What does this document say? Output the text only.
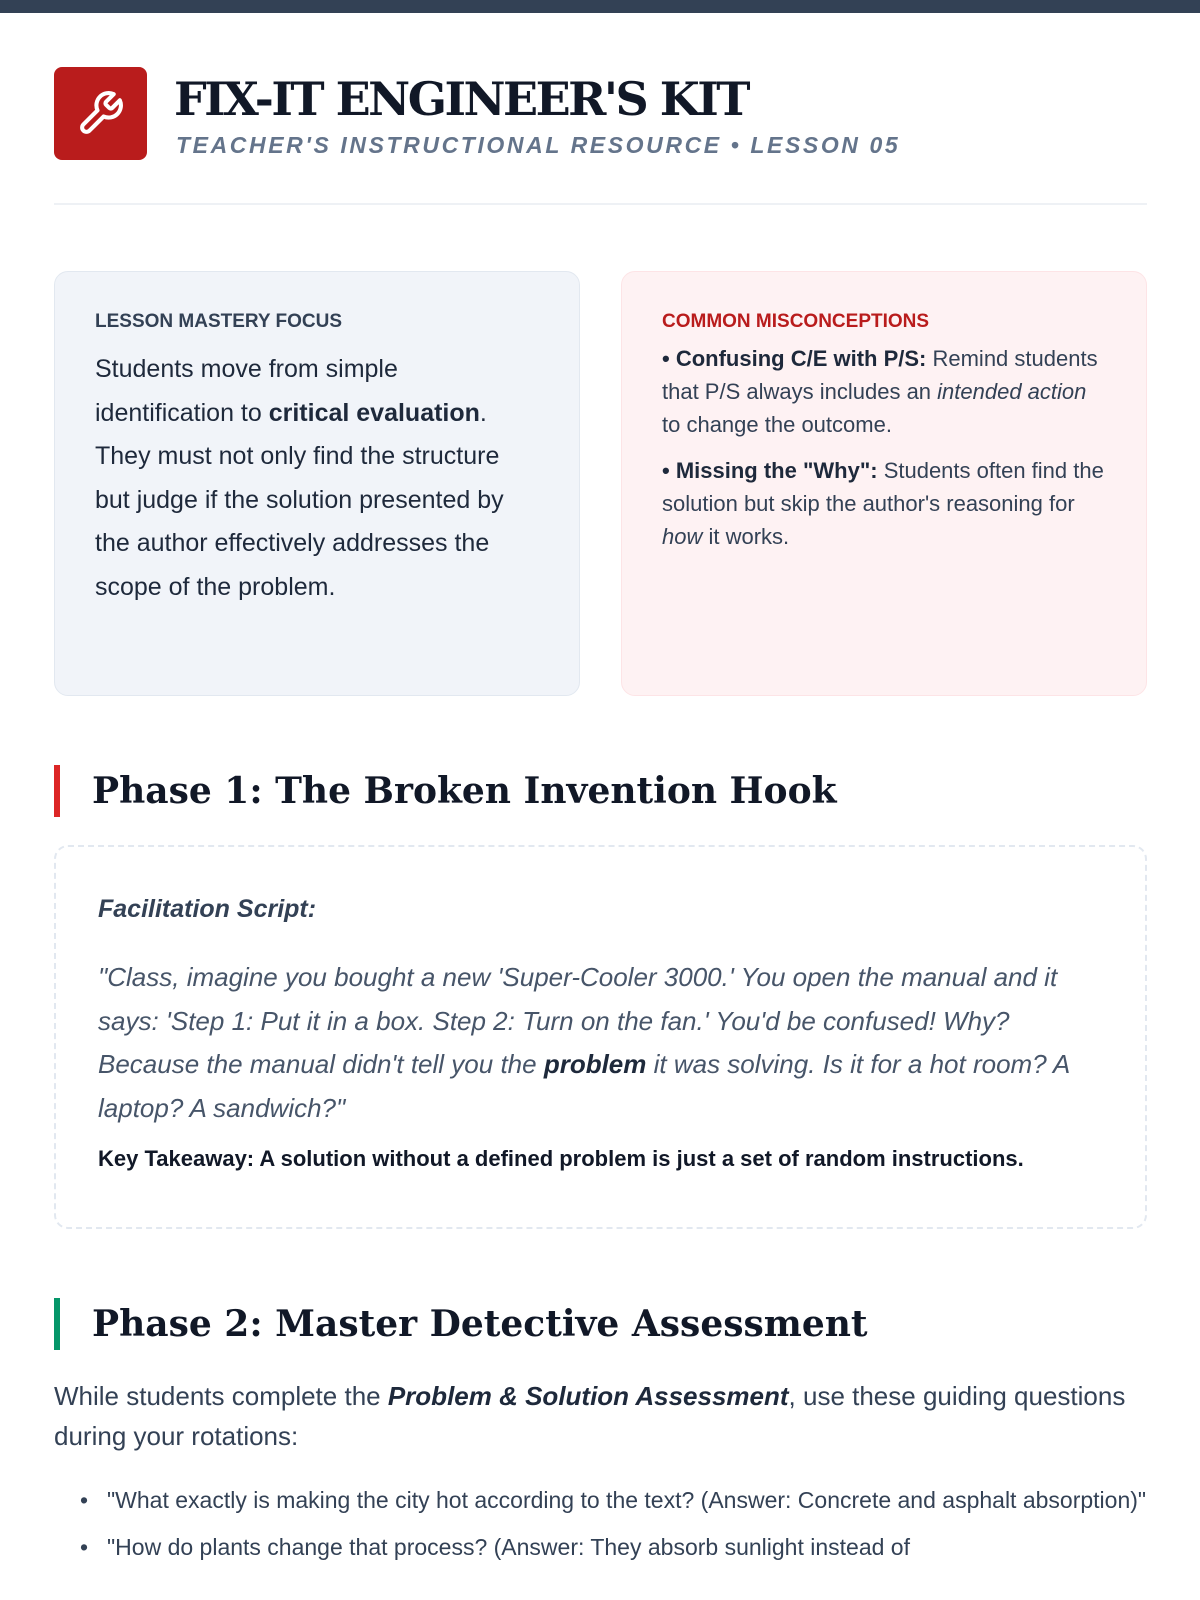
FIX-IT ENGINEER'S KIT
TEACHER'S INSTRUCTIONAL RESOURCE • LESSON 05
LESSON MASTERY FOCUS

Students move from simple identification to critical evaluation. They must not only find the structure but judge if the solution presented by the author effectively addresses the scope of the problem.

COMMON MISCONCEPTIONS

• Confusing C/E with P/S: Remind students that P/S always includes an intended action to change the outcome.

• Missing the "Why": Students often find the solution but skip the author's reasoning for how it works.

Phase 1: The Broken Invention Hook
Facilitation Script:

"Class, imagine you bought a new 'Super-Cooler 3000.' You open the manual and it says: 'Step 1: Put it in a box. Step 2: Turn on the fan.' You'd be confused! Why? Because the manual didn't tell you the problem it was solving. Is it for a hot room? A laptop? A sandwich?"

Key Takeaway: A solution without a defined problem is just a set of random instructions.
Phase 2: Master Detective Assessment

While students complete the Problem & Solution Assessment, use these guiding questions during your rotations:

• "What exactly is making the city hot according to the text? (Answer: Concrete and asphalt absorption)"
• "How do plants change that process? (Answer: They absorb sunlight instead of
